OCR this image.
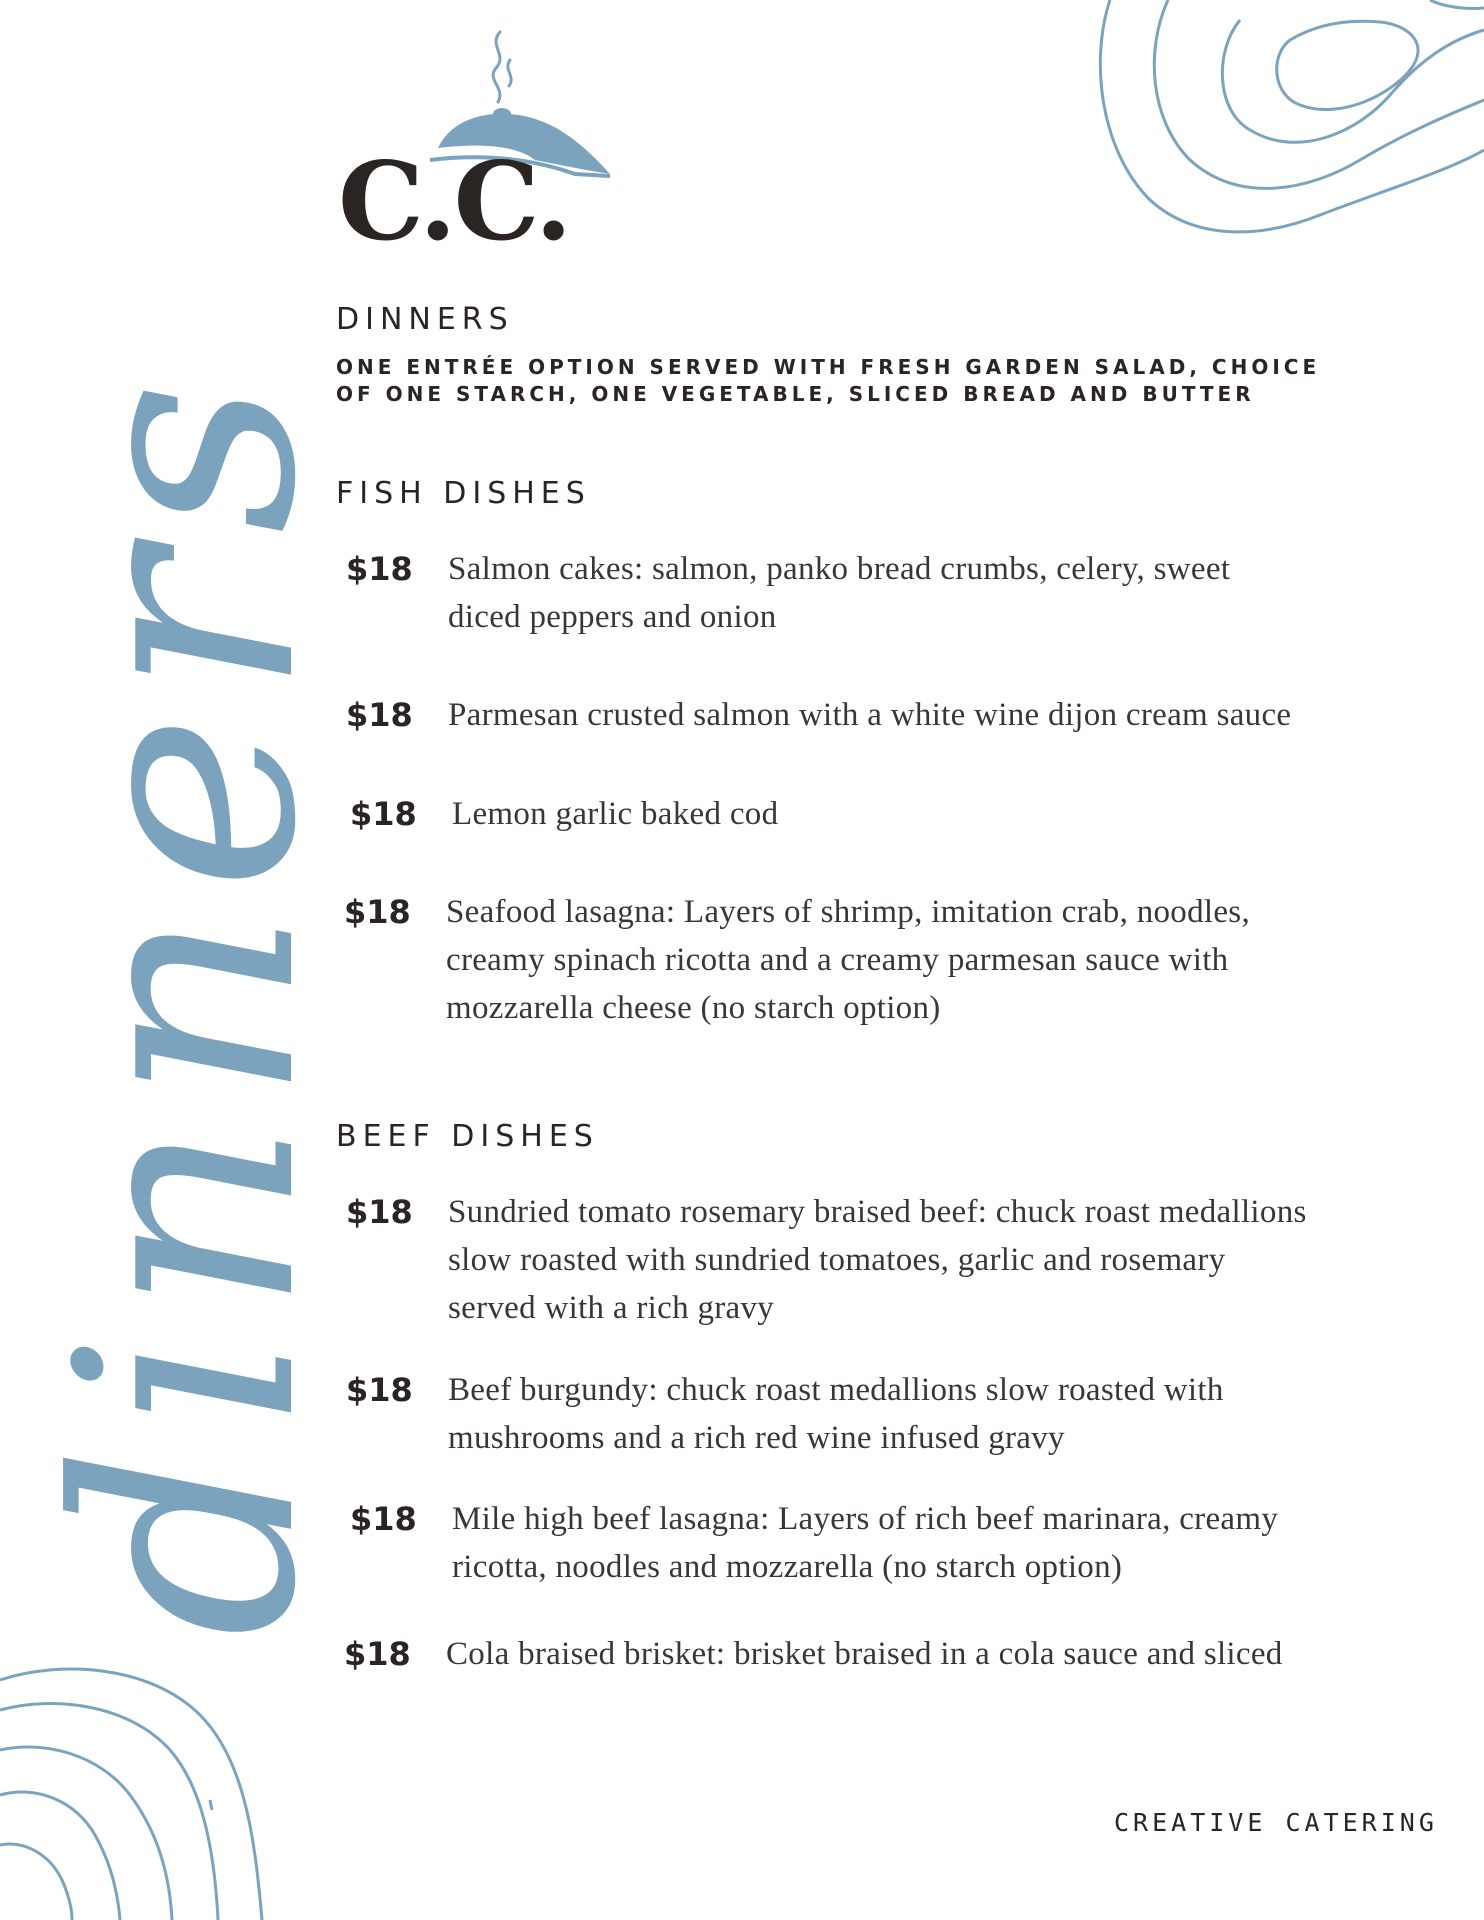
C.C.
dinners
DINNERS
ONE ENTRÉE OPTION SERVED WITH FRESH GARDEN SALAD, CHOICE
OF ONE STARCH, ONE VEGETABLE, SLICED BREAD AND BUTTER
FISH DISHES
$18	Salmon cakes: salmon, panko bread crumbs, celery, sweet
diced peppers and onion
$18	Parmesan crusted salmon with a white wine dijon cream sauce
$18	Lemon garlic baked cod
$18	Seafood lasagna: Layers of shrimp, imitation crab, noodles,
creamy spinach ricotta and a creamy parmesan sauce with
mozzarella cheese (no starch option)
BEEF DISHES
$18	Sundried tomato rosemary braised beef: chuck roast medallions
slow roasted with sundried tomatoes, garlic and rosemary
served with a rich gravy
$18	Beef burgundy: chuck roast medallions slow roasted with
mushrooms and a rich red wine infused gravy
$18	Mile high beef lasagna: Layers of rich beef marinara, creamy
ricotta, noodles and mozzarella (no starch option)
$18	Cola braised brisket: brisket braised in a cola sauce and sliced
CREATIVE CATERING
